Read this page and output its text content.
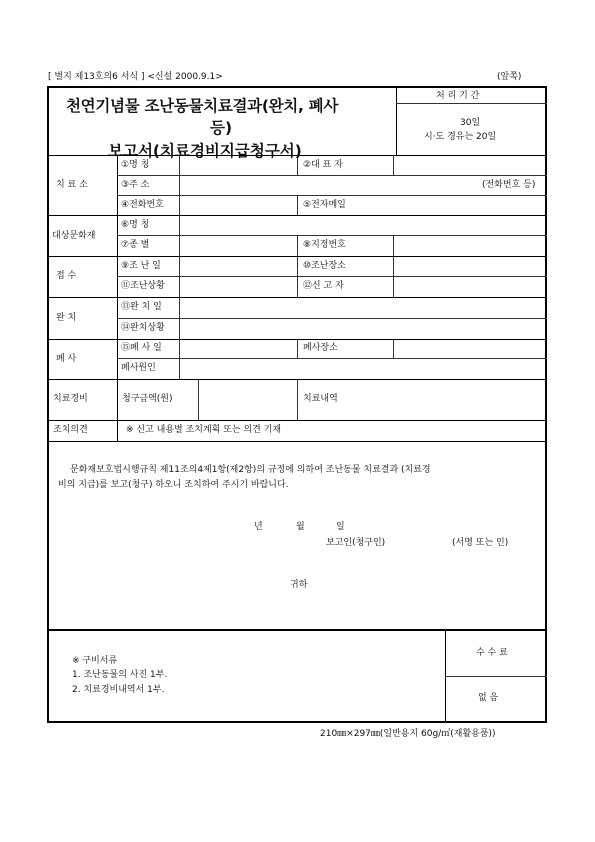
[ 별지 제13호의6 서식 ] <신설 2000.9.1>	(앞쪽)
천연기념물 조난동물치료결과(완치, 폐사
등)
보고서(치료경비지급청구서)
처 리 기 간
30일
시·도 경유는 20일
치 료 소
①명 칭	②대 표 자
③주 소	(전화번호 등)
④전화번호	⑤전자메일
대상문화재
⑥명 칭
⑦종 별	⑧지정번호
접 수
⑨조 난 일	⑩조난장소
⑪조난상황	⑫신 고 자
완 치
⑬완 치 일
⑭완치상황
폐 사
⑮폐 사 일	폐사장소
폐사원인
치료경비	청구금액(원)	치료내역
조치의견	※ 신고 내용별 조치계획 또는 의견 기재
문화재보호법시행규칙 제11조의4제1항(제2항)의 규정에 의하여 조난동물 치료결과 (치료경
비의 지급)를 보고(청구) 하오니 조치하여 주시기 바랍니다.
년	월	일
보고인(청구인)	(서명 또는 인)
귀하
※ 구비서류
1. 조난동물의 사진 1부.
2. 치료경비내역서 1부.
수 수 료
없 음
210㎜×297㎜(일반용지 60g/㎡(재활용품))
